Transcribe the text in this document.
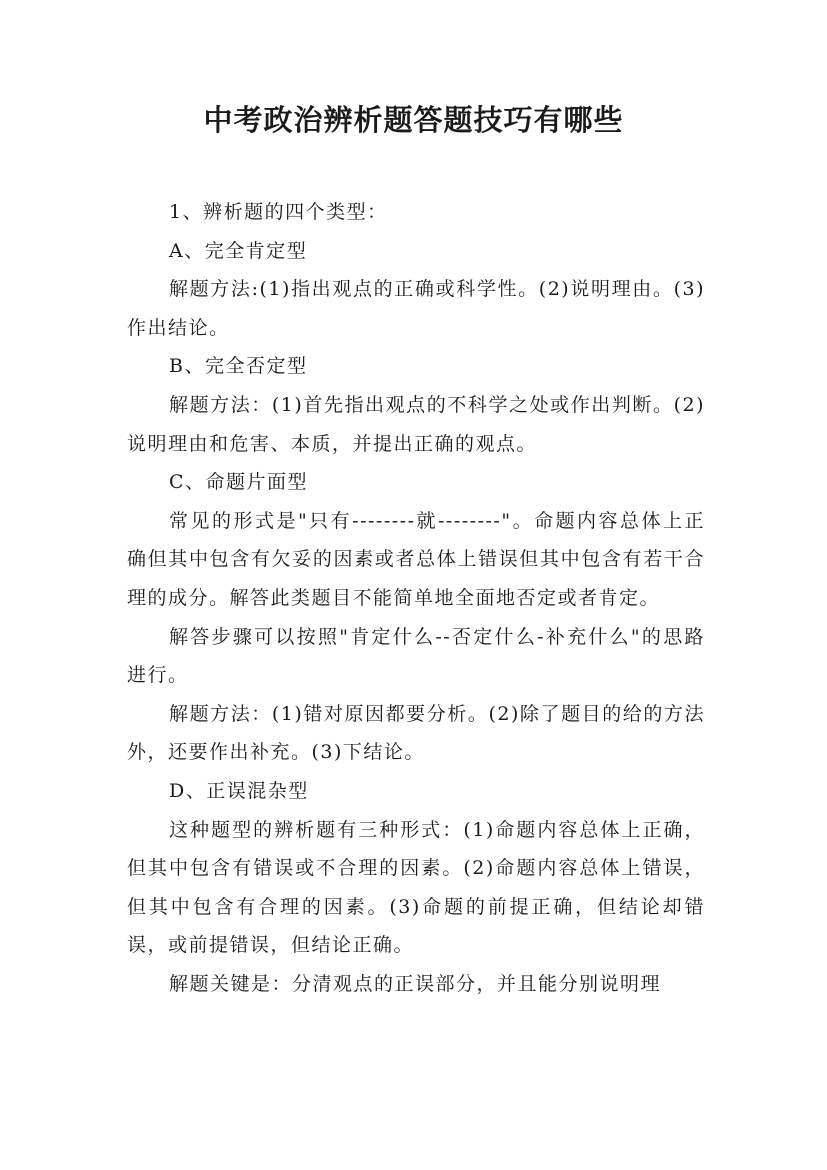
中考政治辨析题答题技巧有哪些

1、辨析题的四个类型：

A、完全肯定型

解题方法:(1)指出观点的正确或科学性。(2)说明理由。(3)作出结论。

B、完全否定型

解题方法：(1)首先指出观点的不科学之处或作出判断。(2)说明理由和危害、本质，并提出正确的观点。

C、命题片面型

常见的形式是"只有--------就--------"。命题内容总体上正确但其中包含有欠妥的因素或者总体上错误但其中包含有若干合理的成分。解答此类题目不能简单地全面地否定或者肯定。

解答步骤可以按照"肯定什么--否定什么-补充什么"的思路进行。

解题方法：(1)错对原因都要分析。(2)除了题目的给的方法外，还要作出补充。(3)下结论。

D、正误混杂型

这种题型的辨析题有三种形式：(1)命题内容总体上正确，但其中包含有错误或不合理的因素。(2)命题内容总体上错误，但其中包含有合理的因素。(3)命题的前提正确，但结论却错误，或前提错误，但结论正确。

解题关键是：分清观点的正误部分，并且能分别说明理
